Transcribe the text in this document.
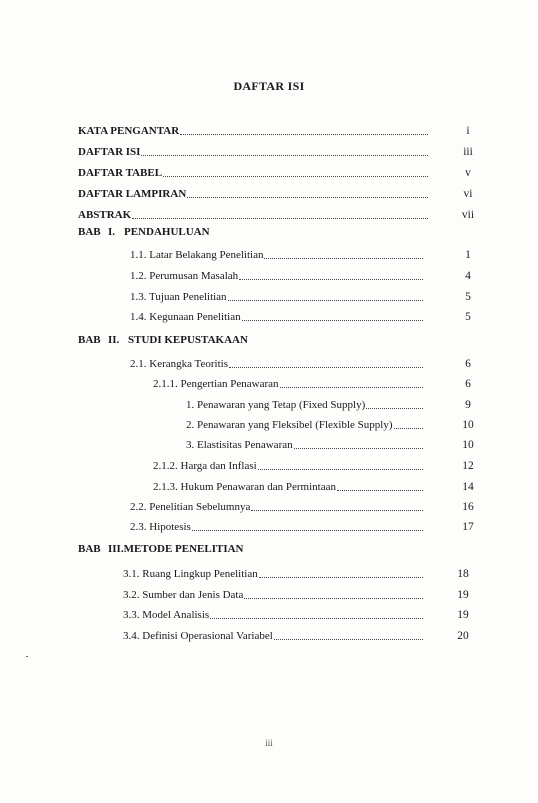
DAFTAR ISI
KATA PENGANTAR	i
DAFTAR ISI	iii
DAFTAR TABEL	v
DAFTAR LAMPIRAN	vi
ABSTRAK	vii
BAB I. PENDAHULUAN
1.1. Latar Belakang Penelitian	1
1.2. Perumusan Masalah	4
1.3. Tujuan Penelitian	5
1.4. Kegunaan Penelitian	5
BAB II. STUDI KEPUSTAKAAN
2.1. Kerangka Teoritis	6
2.1.1. Pengertian Penawaran	6
1. Penawaran yang Tetap (Fixed Supply)	9
2. Penawaran yang Fleksibel (Flexible Supply)	10
3. Elastisitas Penawaran	10
2.1.2. Harga dan Inflasi	12
2.1.3. Hukum Penawaran dan Permintaan	14
2.2. Penelitian Sebelumnya	16
2.3. Hipotesis	17
BAB III.METODE PENELITIAN
3.1. Ruang Lingkup Penelitian	18
3.2. Sumber dan Jenis Data	19
3.3. Model Analisis	19
3.4. Definisi Operasional Variabel	20
iii
